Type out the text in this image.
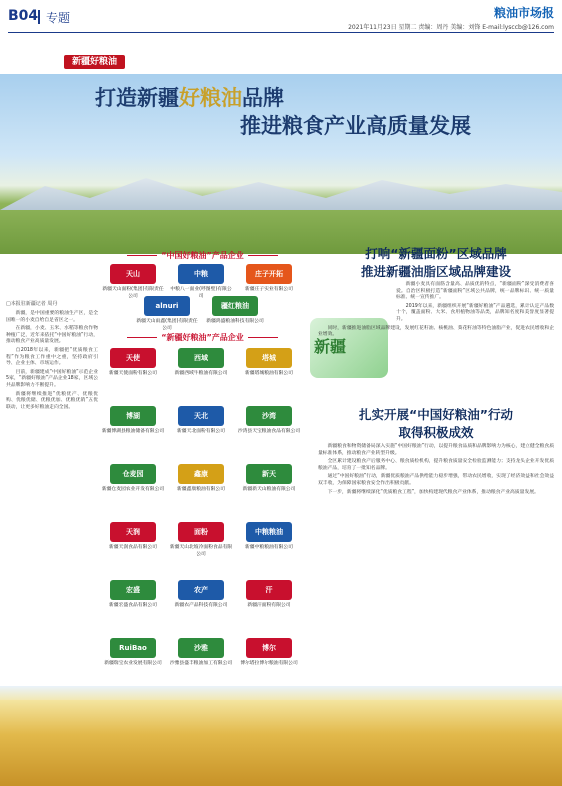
B04 专题	粮油市场报
2021年11月23日 星期二 责编：周丹 美编：刘锋 E-mail:lysccb@126.com
新疆好粮油
打造新疆好粮油品牌
推进粮食产业高质量发展
□本报驻新疆记者 周丹

新疆，是中国重要的粮油生产区，是全国唯一的小麦自给自足省区之一。

在新疆，小麦、玉米、水稻等粮食作物种植广泛，近年来依托“中国好粮油”行动，推动粮食产业高质量发展。

自2018年以来，新疆把“优质粮食工程”作为粮食工作重中之重，坚持政府引导、企业主体、市场运作。

目前，新疆建成“中国好粮油”示范企业5家，“新疆好粮油”产品企业18家，区域公共品牌影响力不断提升。

新疆将继续推进“优粮优产、优粮优购、优粮优储、优粮优加、优粮优销”五优联动，让更多好粮油走向全国。

“中国好粮油”产品企业
“新疆好粮油”产品企业
天山
新疆天山面粉(集团)有限责任公司
中粮
中粮八一面业(呼图壁)有限公司
庄子开拓
新疆庄子实业有限公司
alnuri
新疆天山雨鑫(集团)有限责任公司
疆红粮油
新疆鸿盛粮油科技有限公司
天使
新疆天使面粉有限公司
西域
新疆西域牛粮油有限公司
塔城
新疆塔城粮油有限公司
博湖
新疆博湖县粮油储备有限公司
天北
新疆天北面粉有限公司
沙湾
沙湾县天宝粮油食品有限公司
仓麦园
新疆仓麦园农业开发有限公司
鑫康
新疆鑫康粮油有限公司
新天
新疆新天山粮油有限公司
天润
新疆天润食品有限公司
面粉
新疆天山北坡冷面粉食品有限公司
中粮粮油
新疆中粮粮油有限公司
宏盛
新疆宏盛食品有限公司
农产
新疆农产品科技有限公司
汗
新疆汗面粉有限公司
RuiBao
新疆瑞宝农业发展有限公司
沙雅
沙雅县盛丰粮油加工有限公司
博尔
博尔塔拉博尔粮油有限公司
打响“新疆面粉”区域品牌
推进新疆油脂区域品牌建设
新疆

新疆小麦具有面筋含量高、品质优的特点，“新疆面粉”深受消费者喜爱。自治区积极打造“新疆面粉”区域公共品牌，统一品牌标识、统一质量标准、统一宣传推广。

2019年以来，新疆组织开展“新疆好粮油”产品遴选，累计认定产品数十个，覆盖面粉、大米、食用植物油等品类，品牌知名度和美誉度显著提升。

同时，新疆推进油脂区域品牌建设，发展红花籽油、核桃油、葵花籽油等特色油脂产业，促进农民增收和企业增效。

扎实开展“中国好粮油”行动
取得积极成效

新疆粮食和物资储备局深入实施“中国好粮油”行动，以提升粮食品质和品牌影响力为核心，建立健全粮食质量标准体系，推动粮食产业转型升级。

全区累计建设粮食产后服务中心、粮食质检机构，提升粮食质量安全检验监测能力；支持龙头企业开发优质粮油产品，培育了一批知名品牌。

通过“中国好粮油”行动，新疆优质粮油产品供给能力稳步增强，带动农民增收，实现了经济效益和社会效益双丰收，为保障国家粮食安全作出积极贡献。

下一步，新疆将继续深化“优质粮食工程”，加快构建现代粮食产业体系，推动粮食产业高质量发展。
